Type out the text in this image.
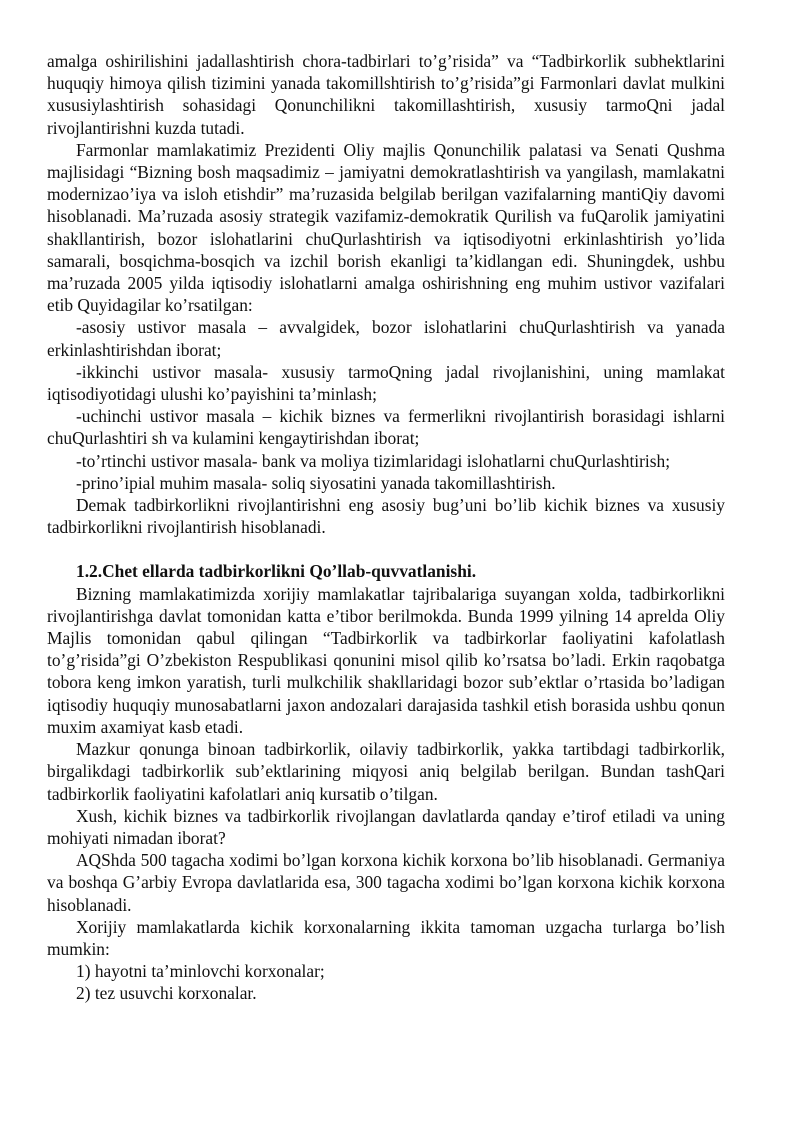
amalga oshirilishini jadallashtirish chora-tadbirlari to’g’risida” va “Tadbirkorlik subhektlarini huquqiy himoya qilish tizimini yanada takomillshtirish to’g’risida”gi Farmonlari davlat mulkini xususiylashtirish sohasidagi Qonunchilikni takomillashtirish, xususiy tarmoQni jadal rivojlantirishni kuzda tutadi.

Farmonlar mamlakatimiz Prezidenti Oliy majlis Qonunchilik palatasi va Senati Qushma majlisidagi “Bizning bosh maqsadimiz – jamiyatni demokratlashtirish va yangilash, mamlakatni modernizao’iya va isloh etishdir” ma’ruzasida belgilab berilgan vazifalarning mantiQiy davomi hisoblanadi. Ma’ruzada asosiy strategik vazifamiz-demokratik Qurilish va fuQarolik jamiyatini shakllantirish, bozor islohatlarini chuQurlashtirish va iqtisodiyotni erkinlashtirish yo’lida samarali, bosqichma-bosqich va izchil borish ekanligi ta’kidlangan edi. Shuningdek, ushbu ma’ruzada 2005 yilda iqtisodiy islohatlarni amalga oshirishning eng muhim ustivor vazifalari etib Quyidagilar ko’rsatilgan:

-asosiy ustivor masala – avvalgidek, bozor islohatlarini chuQurlashtirish va yanada erkinlashtirishdan iborat;

-ikkinchi ustivor masala- xususiy tarmoQning jadal rivojlanishini, uning mamlakat iqtisodiyotidagi ulushi ko’payishini ta’minlash;

-uchinchi ustivor masala – kichik biznes va fermerlikni rivojlantirish borasidagi ishlarni chuQurlashtiri sh va kulamini kengaytirishdan iborat;

-to’rtinchi ustivor masala- bank va moliya tizimlaridagi islohatlarni chuQurlashtirish;

-prino’ipial muhim masala- soliq siyosatini yanada takomillashtirish.

Demak tadbirkorlikni rivojlantirishni eng asosiy bug’uni bo’lib kichik biznes va xususiy tadbirkorlikni rivojlantirish hisoblanadi.

1.2.Chet ellarda tadbirkorlikni Qo’llab-quvvatlanishi.

Bizning mamlakatimizda xorijiy mamlakatlar tajribalariga suyangan xolda, tadbirkorlikni rivojlantirishga davlat tomonidan katta e’tibor berilmokda. Bunda 1999 yilning 14 aprelda Oliy Majlis tomonidan qabul qilingan “Tadbirkorlik va tadbirkorlar faoliyatini kafolatlash to’g’risida”gi O’zbekiston Respublikasi qonunini misol qilib ko’rsatsa bo’ladi. Erkin raqobatga tobora keng imkon yaratish, turli mulkchilik shakllaridagi bozor sub’ektlar o’rtasida bo’ladigan iqtisodiy huquqiy munosabatlarni jaxon andozalari darajasida tashkil etish borasida ushbu qonun muxim axamiyat kasb etadi.

Mazkur qonunga binoan tadbirkorlik, oilaviy tadbirkorlik, yakka tartibdagi tadbirkorlik, birgalikdagi tadbirkorlik sub’ektlarining miqyosi aniq belgilab berilgan. Bundan tashQari tadbirkorlik faoliyatini kafolatlari aniq kursatib o’tilgan.

Xush, kichik biznes va tadbirkorlik rivojlangan davlatlarda qanday e’tirof etiladi va uning mohiyati nimadan iborat?

AQShda 500 tagacha xodimi bo’lgan korxona kichik korxona bo’lib hisoblanadi. Germaniya va boshqa G’arbiy Evropa davlatlarida esa, 300 tagacha xodimi bo’lgan korxona kichik korxona hisoblanadi.

Xorijiy mamlakatlarda kichik korxonalarning ikkita tamoman uzgacha turlarga bo’lish mumkin:

1) hayotni ta’minlovchi korxonalar;

2) tez usuvchi korxonalar.
